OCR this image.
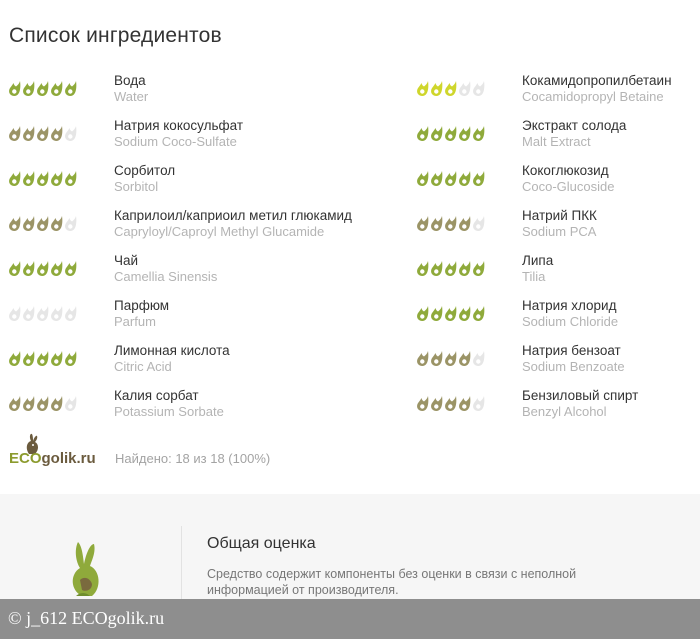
Список ингредиентов
Вода
Water
Натрия кокосульфат
Sodium Coco-Sulfate
Сорбитол
Sorbitol
Каприлоил/каприоил метил глюкамид
Capryloyl/Caproyl Methyl Glucamide
Чай
Camellia Sinensis
Парфюм
Parfum
Лимонная кислота
Citric Acid
Калия сорбат
Potassium Sorbate
Кокамидопропилбетаин
Cocamidopropyl Betaine
Экстракт солода
Malt Extract
Кокоглюкозид
Coco-Glucoside
Натрий ПКК
Sodium PCA
Липа
Tilia
Натрия хлорид
Sodium Chloride
Натрия бензоат
Sodium Benzoate
Бензиловый спирт
Benzyl Alcohol
ECOgolik.ru Найдено: 18 из 18 (100%)
Общая оценка
Средство содержит компоненты без оценки в связи с неполной информацией от производителя.
© j_612 ECOgolik.ru
